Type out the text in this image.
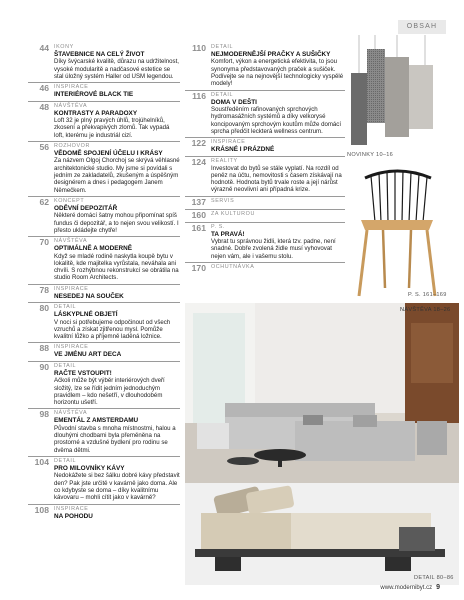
OBSAH
44 IKONY
ŠTAVEBNICE NA CELÝ ŽIVOT
Díky švýcarské kvalitě, důrazu na udržitelnost, vysoké modularitě a nadčasové estetice se stal úložný systém Haller od USM legendou.
46 INSPIRACE
INTERIÉROVÉ BLACK TIE
48 NÁVŠTĚVA
KONTRASTY A PARADOXY
Loft 32 je plný pravých úhlů, trojúhelníků, zkosení a překvapivých zlomů. Tak vypadá loft, kterému je industriál cizí.
56 ROZHOVOR
VĚDOMĚ SPOJENÍ ÚČELU I KRÁSY
Za názvem Olgoj Chorchoj se skrývá věhlasné architektonické studio. My jsme si povídali s jedním ze zakladatelů, zkušeným a úspěšným designérem a dnes i pedagogem Janem Němečkem.
62 KONCEPT
ODĚVNÍ DEPOZITÁŘ
Některé domácí šatny mohou připomínat spíš fundus či depozitář, a to nejen svou velikostí. I přesto ukládejte chytře!
70 NÁVŠTĚVA
OPTIMÁLNĚ A MODERNĚ
Když se mladé rodině naskytla koupě bytu v lokalitě, kde majitelka vyrůstala, neváhala ani chvíli. S rozhýbnou rekonstrukcí se obrátila na studio Room Architects.
78 INSPIRACE
NESEDEJ NA SOUČEK
80 DETAIL
LÁSKYPLNÉ OBJETÍ
V noci si potřebujeme odpočinout od všech vzruchů a získat zjitřenou mysl. Pomůže kvalitní lůžko a příjemně laděná ložnice.
88 INSPIRACE
VE JMÉNU ART DECA
90 DETAIL
RAČTE VSTOUPIT!
Ačkoli může být výběr interiérových dveří složitý, lze se řídit jedním jednoduchým pravidlem – kdo nešetří, v dlouhodobém horizontu ušetří.
98 NÁVŠTĚVA
EMENTÁL Z AMSTERDAMU
Původní stavba s mnoha místnostmi, halou a dlouhými chodbami byla přeměněna na prostorné a vzdušné bydlení pro rodinu se dvěma dětmi.
104 DETAIL
PRO MILOVNÍKY KÁVY
Nedokážete si bez šálku dobré kávy představit den? Pak jste určitě v kavárně jako doma. Ale co kdybyste se doma – díky kvalitnímu kávovaru – mohli cítit jako v kavárně?
108 INSPIRACE
NA POHODU
110 DETAIL
NEJMODERNĚJŠÍ PRAČKY A SUŠIČKY
Komfort, výkon a energetická efektivita, to jsou synonyma představovaných praček a sušiček. Podívejte se na nejnovější technologicky vyspělé modely!
116 DETAIL
DOMA V DEŠTI
Soustředěním rafinovaných sprchových hydromasážních systémů a díky velkorysé koncipovaným sprchovým koutům může domácí sprcha předčit leckterá wellness centrum.
122 INSPIRACE
KRÁSNÉ I PRÁZDNÉ
124 REALITY
Investovat do bytů se stále vyplatí. Na rozdíl od peněz na účtu, nemovitosti s časem získávají na hodnotě. Hodnota bytů trvale roste a její nárůst výrazně neovlivní ani případná krize.
137 SERVIS
160 ZA KULTUROU
161 P. S.
TA PRAVÁ!
Vybrat tu správnou židli, která tzv. padne, není snadné. Dobře zvolená židle musí vyhovovat nejen vám, ale i vašemu stolu.
170 OCHUTNÁVKA
NOVINKY 10–16
P. S. 161–169
NÁVŠTĚVA 18–26
DETAIL 80–86
www.modernibyt.cz 9
